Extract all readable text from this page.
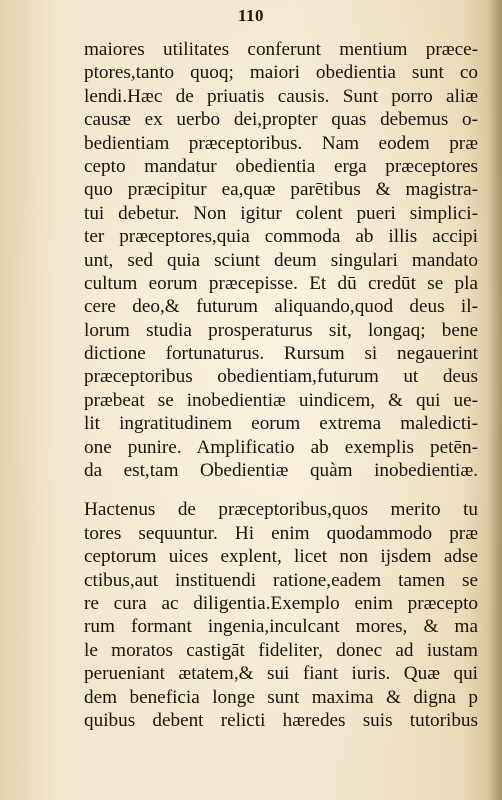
110
maiores utilitates conferunt mentium præce-
ptores,tanto quoq; maiori obedientia sunt co
lendi.Hæc de priuatis causis. Sunt porro aliæ
causæ ex uerbo dei,propter quas debemus o-
bedientiam præceptoribus. Nam eodem præ
cepto mandatur obedientia erga præceptores
quo præcipitur ea,quæ parētibus & magistra-
tui debetur. Non igitur colent pueri simplici-
ter præceptores,quia commoda ab illis accipi
unt, sed quia sciunt deum singulari mandato
cultum eorum præcepisse. Et dū credūt se pla
cere deo,& futurum aliquando,quod deus il-
lorum studia prosperaturus sit, longaq; bene
dictione fortunaturus. Rursum si negauerint
præceptoribus obedientiam,futurum ut deus
præbeat se inobedientiæ uindicem, & qui ue-
lit ingratitudinem eorum extrema maledicti-
one punire. Amplificatio ab exemplis petēn-
da est,tam Obedientiæ quàm inobedientiæ.
Hactenus de præceptoribus,quos merito tu
tores sequuntur. Hi enim quodammodo præ
ceptorum uices explent, licet non ijsdem adse
ctibus,aut instituendi ratione,eadem tamen se
re cura ac diligentia.Exemplo enim præcepto
rum formant ingenia,inculcant mores, & ma
le moratos castigāt fideliter, donec ad iustam
perueniant ætatem,& sui fiant iuris. Quæ qui
dem beneficia longe sunt maxima & digna p
quibus debent relicti hæredes suis tutoribus
